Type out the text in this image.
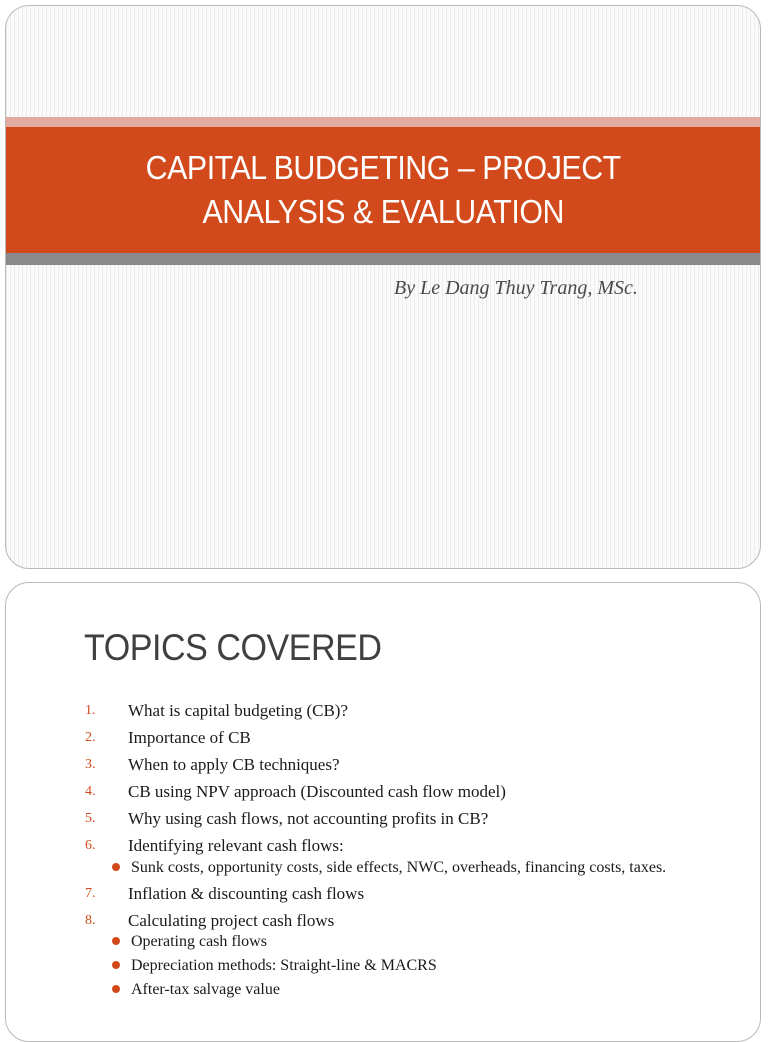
CAPITAL BUDGETING – PROJECT
ANALYSIS & EVALUATION
By Le Dang Thuy Trang, MSc.
TOPICS COVERED
1. What is capital budgeting (CB)?
2. Importance of CB
3. When to apply CB techniques?
4. CB using NPV approach (Discounted cash flow model)
5. Why using cash flows, not accounting profits in CB?
6. Identifying relevant cash flows:
Sunk costs, opportunity costs, side effects, NWC, overheads, financing costs, taxes.
7. Inflation & discounting cash flows
8. Calculating project cash flows
Operating cash flows
Depreciation methods: Straight-line & MACRS
After-tax salvage value
